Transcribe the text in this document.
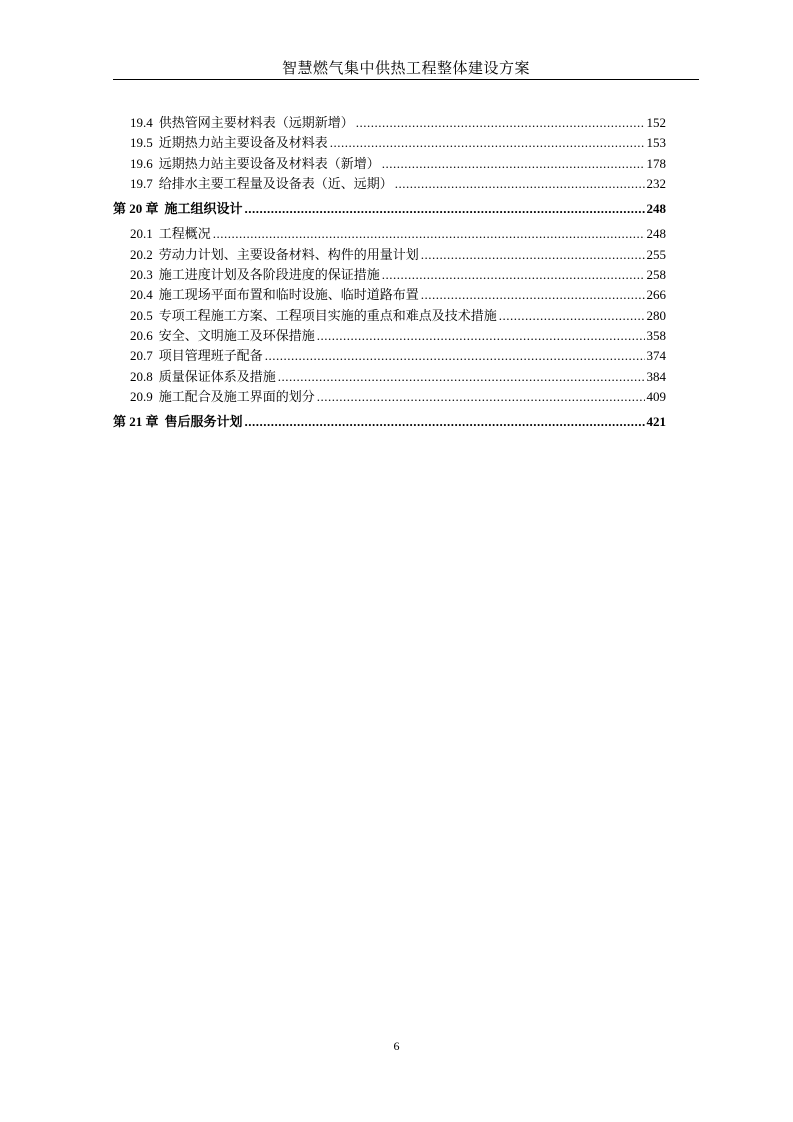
智慧燃气集中供热工程整体建设方案
19.4 供热管网主要材料表（远期新增） .....	152
19.5 近期热力站主要设备及材料表 .....	153
19.6 远期热力站主要设备及材料表（新增） .....	178
19.7 给排水主要工程量及设备表（近、远期） .....	232
第 20 章 施工组织设计 .....	248
20.1 工程概况 .....	248
20.2 劳动力计划、主要设备材料、构件的用量计划 .....	255
20.3 施工进度计划及各阶段进度的保证措施 .....	258
20.4 施工现场平面布置和临时设施、临时道路布置 .....	266
20.5 专项工程施工方案、工程项目实施的重点和难点及技术措施 .....	280
20.6 安全、文明施工及环保措施 .....	358
20.7 项目管理班子配备 .....	374
20.8 质量保证体系及措施 .....	384
20.9 施工配合及施工界面的划分 .....	409
第 21 章 售后服务计划 .....	421
6
